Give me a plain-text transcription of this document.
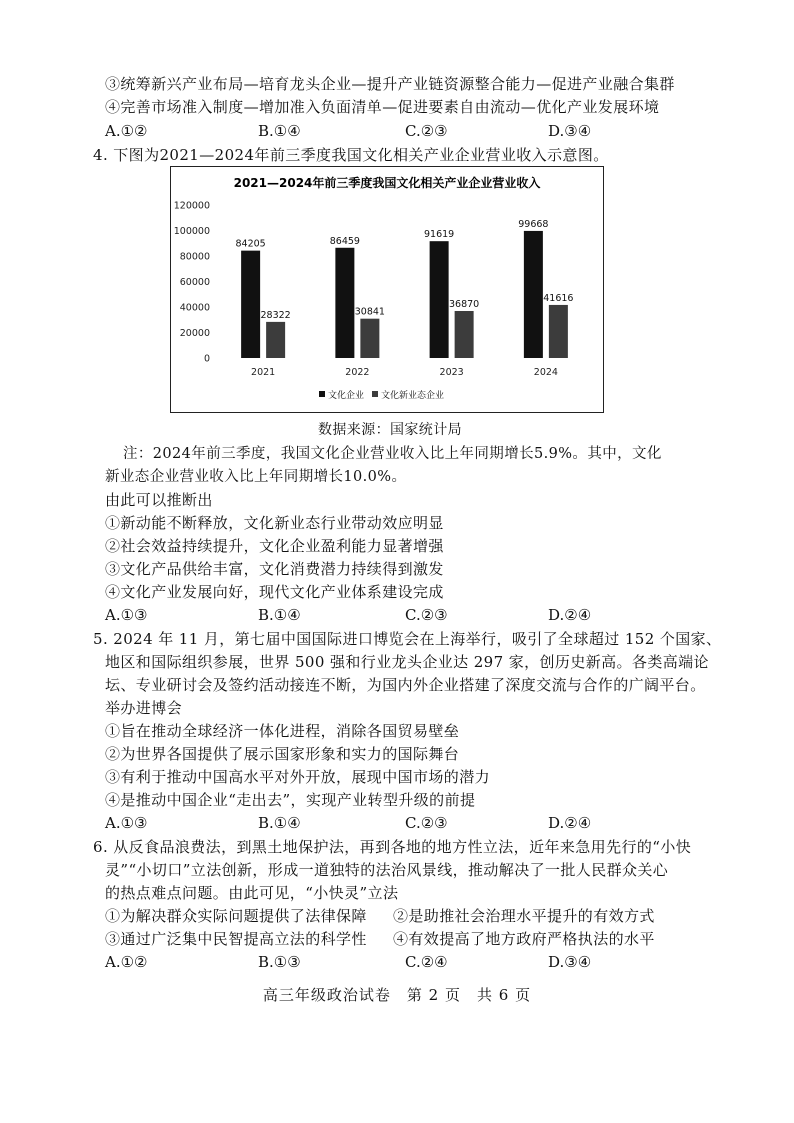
③统筹新兴产业布局—培育龙头企业—提升产业链资源整合能力—促进产业融合集群
④完善市场准入制度—增加准入负面清单—促进要素自由流动—优化产业发展环境
A.①②	B.①④	C.②③	D.③④
4. 下图为2021—2024年前三季度我国文化相关产业企业营业收入示意图。
2021—2024年前三季度我国文化相关产业企业营业收入
0
20000
40000
60000
80000
100000
120000
84205
28322
86459
30841
91619
36870
99668
41616
2021	2022	2023	2024
文化企业 文化新业态企业
数据来源：国家统计局
注：2024年前三季度，我国文化企业营业收入比上年同期增长5.9%。其中，文化
新业态企业营业收入比上年同期增长10.0%。
由此可以推断出
①新动能不断释放，文化新业态行业带动效应明显
②社会效益持续提升，文化企业盈利能力显著增强
③文化产品供给丰富，文化消费潜力持续得到激发
④文化产业发展向好，现代文化产业体系建设完成
A.①③	B.①④	C.②③	D.②④
5. 2024 年 11 月，第七届中国国际进口博览会在上海举行，吸引了全球超过 152 个国家、
地区和国际组织参展，世界 500 强和行业龙头企业达 297 家，创历史新高。各类高端论
坛、专业研讨会及签约活动接连不断，为国内外企业搭建了深度交流与合作的广阔平台。
举办进博会
①旨在推动全球经济一体化进程，消除各国贸易壁垒
②为世界各国提供了展示国家形象和实力的国际舞台
③有利于推动中国高水平对外开放，展现中国市场的潜力
④是推动中国企业“走出去”，实现产业转型升级的前提
A.①③	B.①④	C.②③	D.②④
6. 从反食品浪费法，到黑土地保护法，再到各地的地方性立法，近年来急用先行的“小快
灵”“小切口”立法创新，形成一道独特的法治风景线，推动解决了一批人民群众关心
的热点难点问题。由此可见，“小快灵”立法
①为解决群众实际问题提供了法律保障 ②是助推社会治理水平提升的有效方式
③通过广泛集中民智提高立法的科学性 ④有效提高了地方政府严格执法的水平
A.①②	B.①③	C.②④	D.③④
高三年级政治试卷　第 2 页　共 6 页
